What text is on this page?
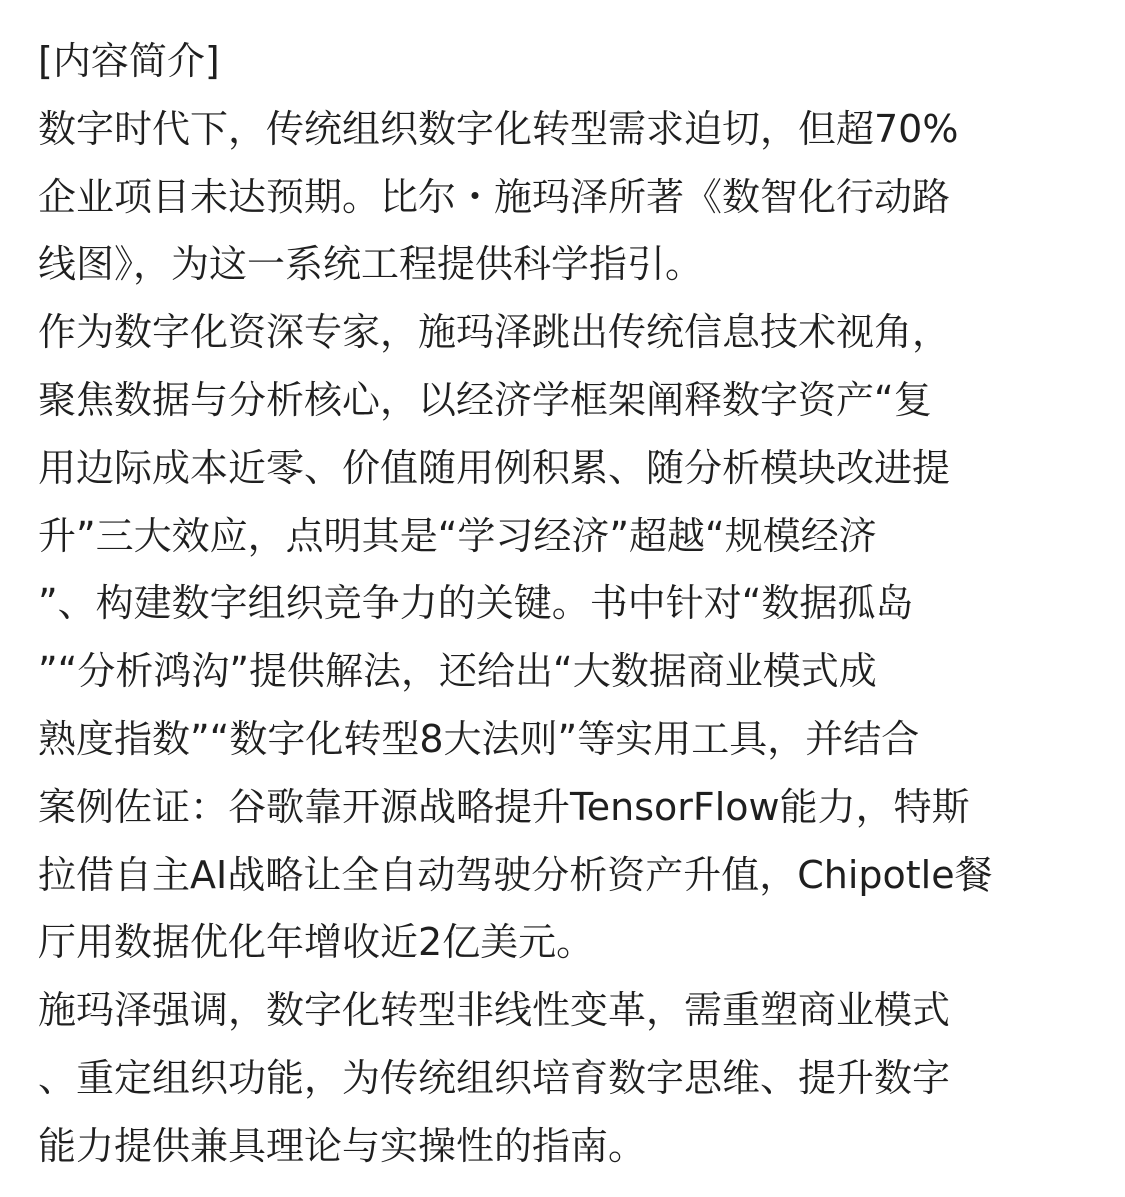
[内容简介]
数字时代下，传统组织数字化转型需求迫切，但超70%
企业项目未达预期。比尔・施玛泽所著《数智化行动路
线图》，为这一系统工程提供科学指引。
作为数字化资深专家，施玛泽跳出传统信息技术视角，
聚焦数据与分析核心，以经济学框架阐释数字资产“复
用边际成本近零、价值随用例积累、随分析模块改进提
升”三大效应，点明其是“学习经济”超越“规模经济
”、构建数字组织竞争力的关键。书中针对“数据孤岛
”“分析鸿沟”提供解法，还给出“大数据商业模式成
熟度指数”“数字化转型8大法则”等实用工具，并结合
案例佐证：谷歌靠开源战略提升TensorFlow能力，特斯
拉借自主AI战略让全自动驾驶分析资产升值，Chipotle餐
厅用数据优化年增收近2亿美元。
施玛泽强调，数字化转型非线性变革，需重塑商业模式
、重定组织功能，为传统组织培育数字思维、提升数字
能力提供兼具理论与实操性的指南。
